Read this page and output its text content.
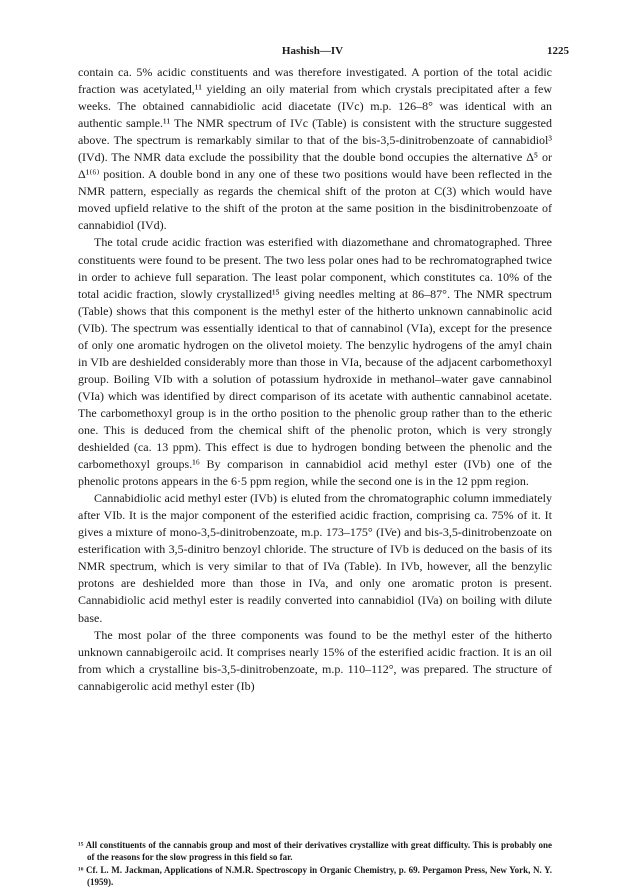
Hashish—IV	1225

contain ca. 5% acidic constituents and was therefore investigated. A portion of the total acidic fraction was acetylated,¹¹ yielding an oily material from which crystals precipitated after a few weeks. The obtained cannabidiolic acid diacetate (IVc) m.p. 126–8° was identical with an authentic sample.¹¹ The NMR spectrum of IVc (Table) is consistent with the structure suggested above. The spectrum is remarkably similar to that of the bis-3,5-dinitrobenzoate of cannabidiol³ (IVd). The NMR data exclude the possibility that the double bond occupies the alternative Δ⁵ or Δ¹⁽⁶⁾ position. A double bond in any one of these two positions would have been reflected in the NMR pattern, especially as regards the chemical shift of the proton at C(3) which would have moved upfield relative to the shift of the proton at the same position in the bisdinitrobenzoate of cannabidiol (IVd).

The total crude acidic fraction was esterified with diazomethane and chromatographed. Three constituents were found to be present. The two less polar ones had to be rechromatographed twice in order to achieve full separation. The least polar component, which constitutes ca. 10% of the total acidic fraction, slowly crystallized¹⁵ giving needles melting at 86–87°. The NMR spectrum (Table) shows that this component is the methyl ester of the hitherto unknown cannabinolic acid (VIb). The spectrum was essentially identical to that of cannabinol (VIa), except for the presence of only one aromatic hydrogen on the olivetol moiety. The benzylic hydrogens of the amyl chain in VIb are deshielded considerably more than those in VIa, because of the adjacent carbomethoxyl group. Boiling VIb with a solution of potassium hydroxide in methanol–water gave cannabinol (VIa) which was identified by direct comparison of its acetate with authentic cannabinol acetate. The carbomethoxyl group is in the ortho position to the phenolic group rather than to the etheric one. This is deduced from the chemical shift of the phenolic proton, which is very strongly deshielded (ca. 13 ppm). This effect is due to hydrogen bonding between the phenolic and the carbomethoxyl groups.¹⁶ By comparison in cannabidiol acid methyl ester (IVb) one of the phenolic protons appears in the 6·5 ppm region, while the second one is in the 12 ppm region.

Cannabidiolic acid methyl ester (IVb) is eluted from the chromatographic column immediately after VIb. It is the major component of the esterified acidic fraction, comprising ca. 75% of it. It gives a mixture of mono-3,5-dinitrobenzoate, m.p. 173–175° (IVe) and bis-3,5-dinitrobenzoate on esterification with 3,5-dinitro benzoyl chloride. The structure of IVb is deduced on the basis of its NMR spectrum, which is very similar to that of IVa (Table). In IVb, however, all the benzylic protons are deshielded more than those in IVa, and only one aromatic proton is present. Cannabidiolic acid methyl ester is readily converted into cannabidiol (IVa) on boiling with dilute base.

The most polar of the three components was found to be the methyl ester of the hitherto unknown cannabigeroilc acid. It comprises nearly 15% of the esterified acidic fraction. It is an oil from which a crystalline bis-3,5-dinitrobenzoate, m.p. 110–112°, was prepared. The structure of cannabigerolic acid methyl ester (Ib)

¹⁵ All constituents of the cannabis group and most of their derivatives crystallize with great difficulty. This is probably one of the reasons for the slow progress in this field so far.

¹⁶ Cf. L. M. Jackman, Applications of N.M.R. Spectroscopy in Organic Chemistry, p. 69. Pergamon Press, New York, N. Y. (1959).
